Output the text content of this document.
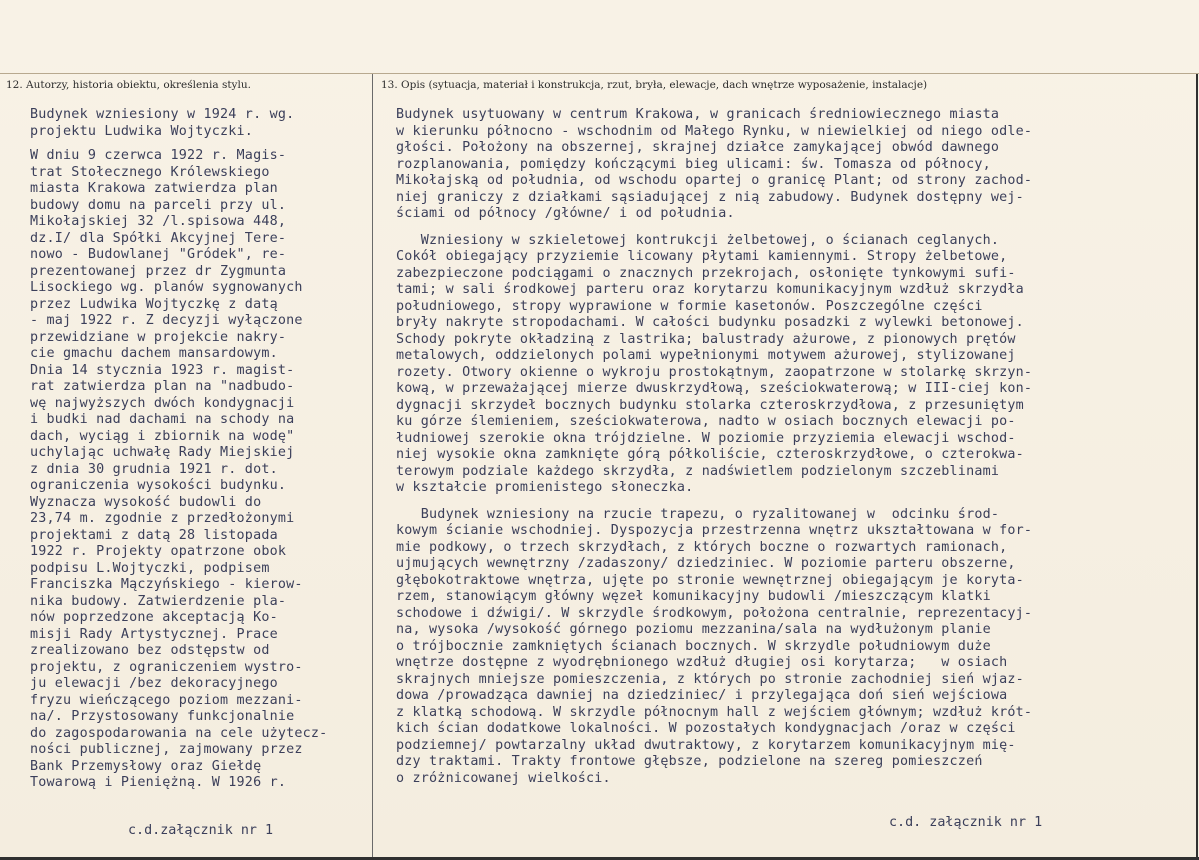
12. Autorzy, historia obiektu, określenia stylu.	13. Opis (sytuacja, materiał i konstrukcja, rzut, bryła, elewacje, dach wnętrze wyposażenie, instalacje)
Budynek wzniesiony w 1924 r. wg.
projektu Ludwika Wojtyczki.
W dniu 9 czerwca 1922 r. Magis-
trat Stołecznego Królewskiego
miasta Krakowa zatwierdza plan
budowy domu na parceli przy ul.
Mikołajskiej 32 /l.spisowa 448,
dz.I/ dla Spółki Akcyjnej Tere-
nowo - Budowlanej "Gródek", re-
prezentowanej przez dr Zygmunta
Lisockiego wg. planów sygnowanych
przez Ludwika Wojtyczkę z datą
- maj 1922 r. Z decyzji wyłączone
przewidziane w projekcie nakry-
cie gmachu dachem mansardowym.
Dnia 14 stycznia 1923 r. magist-
rat zatwierdza plan na "nadbudo-
wę najwyższych dwóch kondygnacji
i budki nad dachami na schody na
dach, wyciąg i zbiornik na wodę"
uchylając uchwałę Rady Miejskiej
z dnia 30 grudnia 1921 r. dot.
ograniczenia wysokości budynku.
Wyznacza wysokość budowli do
23,74 m. zgodnie z przedłożonymi
projektami z datą 28 listopada
1922 r. Projekty opatrzone obok
podpisu L.Wojtyczki, podpisem
Franciszka Mączyńskiego - kierow-
nika budowy. Zatwierdzenie pla-
nów poprzedzone akceptacją Ko-
misji Rady Artystycznej. Prace
zrealizowano bez odstępstw od
projektu, z ograniczeniem wystro-
ju elewacji /bez dekoracyjnego
fryzu wieńczącego poziom mezzani-
na/. Przystosowany funkcjonalnie
do zagospodarowania na cele użytecz-
ności publicznej, zajmowany przez
Bank Przemysłowy oraz Giełdę
Towarową i Pieniężną. W 1926 r.
Budynek usytuowany w centrum Krakowa, w granicach średniowiecznego miasta
w kierunku północno - wschodnim od Małego Rynku, w niewielkiej od niego odle-
głości. Położony na obszernej, skrajnej działce zamykającej obwód dawnego
rozplanowania, pomiędzy kończącymi bieg ulicami: św. Tomasza od północy,
Mikołajską od południa, od wschodu opartej o granicę Plant; od strony zachod-
niej graniczy z działkami sąsiadującej z nią zabudowy. Budynek dostępny wej-
ściami od północy /główne/ i od południa.
Wzniesiony w szkieletowej kontrukcji żelbetowej, o ścianach ceglanych.
Cokół obiegający przyziemie licowany płytami kamiennymi. Stropy żelbetowe,
zabezpieczone podciągami o znacznych przekrojach, osłonięte tynkowymi sufi-
tami; w sali środkowej parteru oraz korytarzu komunikacyjnym wzdłuż skrzydła
południowego, stropy wyprawione w formie kasetonów. Poszczególne części
bryły nakryte stropodachami. W całości budynku posadzki z wylewki betonowej.
Schody pokryte okładziną z lastrika; balustrady ażurowe, z pionowych prętów
metalowych, oddzielonych polami wypełnionymi motywem ażurowej, stylizowanej
rozety. Otwory okienne o wykroju prostokątnym, zaopatrzone w stolarkę skrzyn-
kową, w przeważającej mierze dwuskrzydłową, sześciokwaterową; w III-ciej kon-
dygnacji skrzydeł bocznych budynku stolarka czteroskrzydłowa, z przesuniętym
ku górze ślemieniem, sześciokwaterowa, nadto w osiach bocznych elewacji po-
łudniowej szerokie okna trójdzielne. W poziomie przyziemia elewacji wschod-
niej wysokie okna zamknięte górą półkoliście, czteroskrzydłowe, o czterokwa-
terowym podziale każdego skrzydła, z nadświetlem podzielonym szczeblinami
w kształcie promienistego słoneczka.
Budynek wzniesiony na rzucie trapezu, o ryzalitowanej w  odcinku środ-
kowym ścianie wschodniej. Dyspozycja przestrzenna wnętrz ukształtowana w for-
mie podkowy, o trzech skrzydłach, z których boczne o rozwartych ramionach,
ujmujących wewnętrzny /zadaszony/ dziedziniec. W poziomie parteru obszerne,
głębokotraktowe wnętrza, ujęte po stronie wewnętrznej obiegającym je koryta-
rzem, stanowiącym główny węzeł komunikacyjny budowli /mieszczącym klatki
schodowe i dźwigi/. W skrzydle środkowym, położona centralnie, reprezentacyj-
na, wysoka /wysokość górnego poziomu mezzanina/sala na wydłużonym planie
o trójbocznie zamkniętych ścianach bocznych. W skrzydle południowym duże
wnętrze dostępne z wyodrębnionego wzdłuż długiej osi korytarza;   w osiach
skrajnych mniejsze pomieszczenia, z których po stronie zachodniej sień wjaz-
dowa /prowadząca dawniej na dziedziniec/ i przylegająca doń sień wejściowa
z klatką schodową. W skrzydle północnym hall z wejściem głównym; wzdłuż krót-
kich ścian dodatkowe lokalności. W pozostałych kondygnacjach /oraz w części
podziemnej/ powtarzalny układ dwutraktowy, z korytarzem komunikacyjnym mię-
dzy traktami. Trakty frontowe głębsze, podzielone na szereg pomieszczeń
o zróżnicowanej wielkości.
c.d.załącznik nr 1
c.d. załącznik nr 1
